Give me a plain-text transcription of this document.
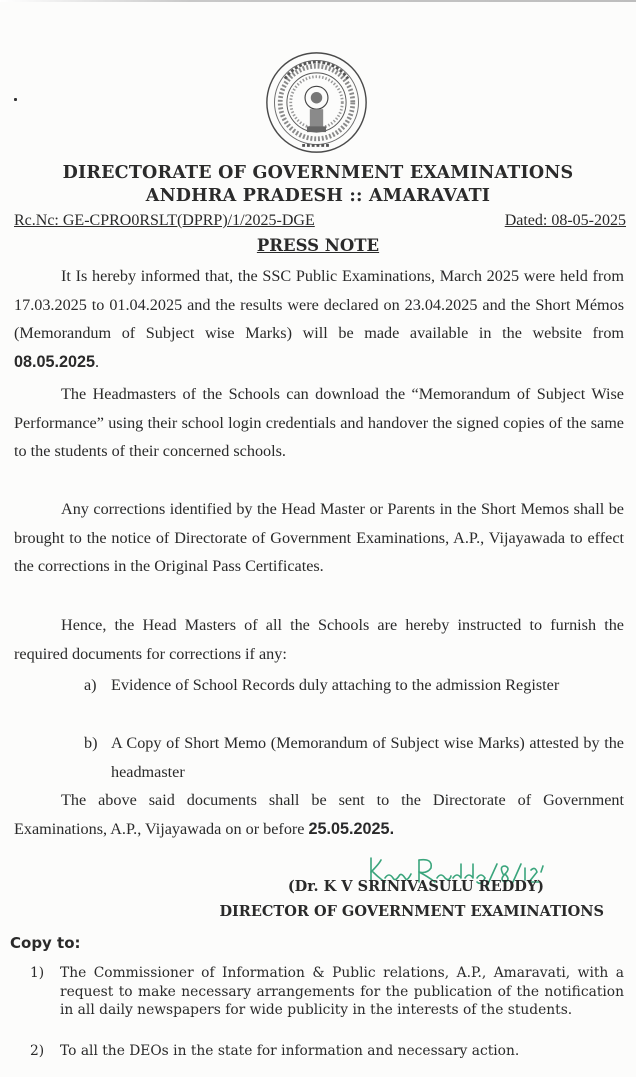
DIRECTORATE OF GOVERNMENT EXAMINATIONS
ANDHRA PRADESH :: AMARAVATI
Rc.Nc: GE-CPRO0RSLT(DPRP)/1/2025-DGE	Dated: 08-05-2025
PRESS NOTE
It Is hereby informed that, the SSC Public Examinations, March 2025 were held from 17.03.2025 to 01.04.2025 and the results were declared on 23.04.2025 and the Short Mémos (Memorandum of Subject wise Marks) will be made available in the website from 08.05.2025.
The Headmasters of the Schools can download the “Memorandum of Subject Wise Performance” using their school login credentials and handover the signed copies of the same to the students of their concerned schools.
Any corrections identified by the Head Master or Parents in the Short Memos shall be brought to the notice of Directorate of Government Examinations, A.P., Vijayawada to effect the corrections in the Original Pass Certificates.
Hence, the Head Masters of all the Schools are hereby instructed to furnish the required documents for corrections if any:
a) Evidence of School Records duly attaching to the admission Register
b) A Copy of Short Memo (Memorandum of Subject wise Marks) attested by the headmaster
The above said documents shall be sent to the Directorate of Government Examinations, A.P., Vijayawada on or before 25.05.2025.
(Dr. K V SRINIVASULU REDDY)
DIRECTOR OF GOVERNMENT EXAMINATIONS
Copy to:
1) The Commissioner of Information & Public relations, A.P., Amaravati, with a request to make necessary arrangements for the publication of the notification in all daily newspapers for wide publicity in the interests of the students.
2) To all the DEOs in the state for information and necessary action.
